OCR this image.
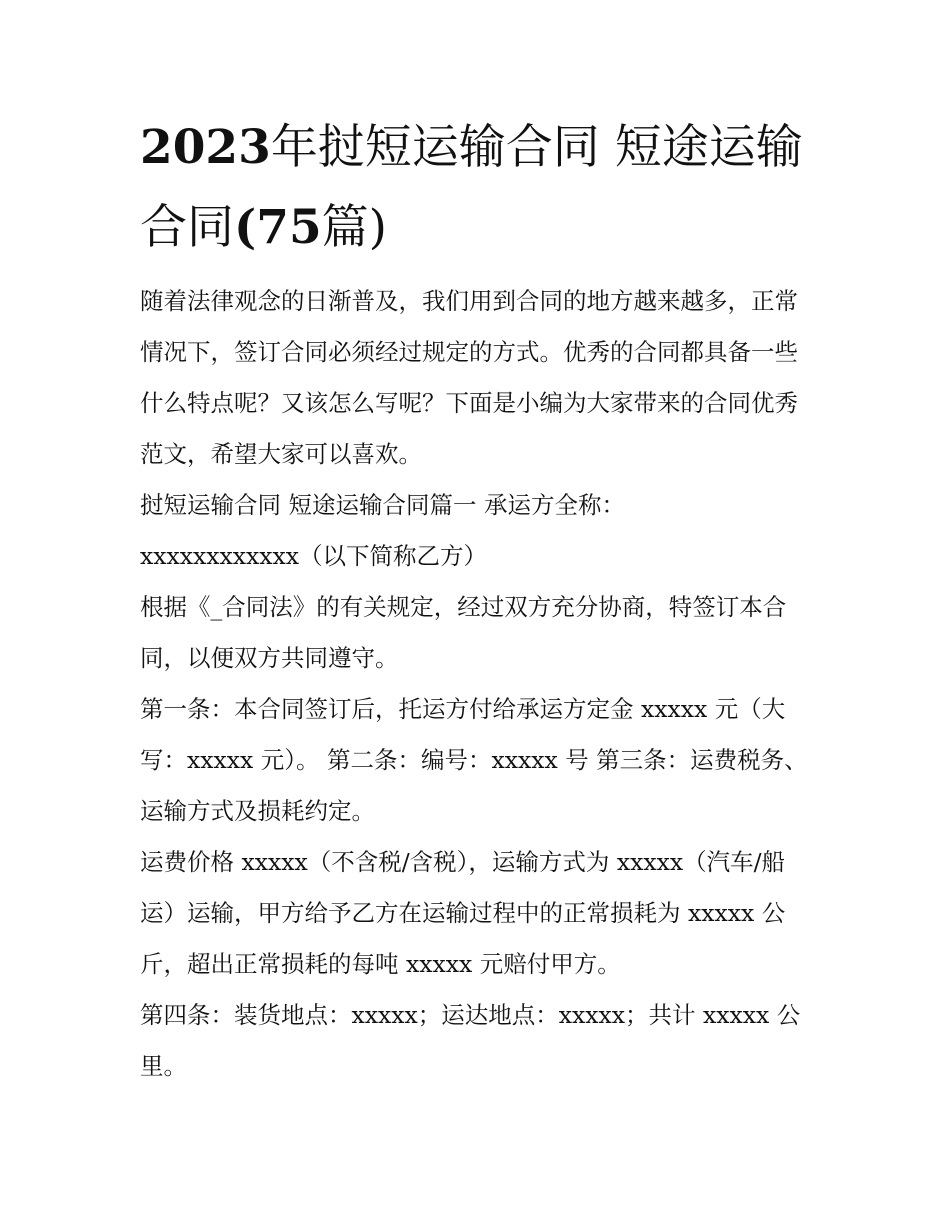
2023年挝短运输合同 短途运输合同(75篇)

随着法律观念的日渐普及，我们用到合同的地方越来越多，正常情况下，签订合同必须经过规定的方式。优秀的合同都具备一些什么特点呢？又该怎么写呢？下面是小编为大家带来的合同优秀范文，希望大家可以喜欢。

挝短运输合同 短途运输合同篇一 承运方全称：

xxxxxxxxxxxx（以下简称乙方）

根据《_合同法》的有关规定，经过双方充分协商，特签订本合同，以便双方共同遵守。

第一条：本合同签订后，托运方付给承运方定金 xxxxx 元（大写：xxxxx 元）。 第二条：编号：xxxxx 号 第三条：运费税务、运输方式及损耗约定。

运费价格 xxxxx（不含税/含税），运输方式为 xxxxx（汽车/船运）运输，甲方给予乙方在运输过程中的正常损耗为 xxxxx 公斤，超出正常损耗的每吨 xxxxx 元赔付甲方。

第四条：装货地点：xxxxx；运达地点：xxxxx；共计 xxxxx 公里。
